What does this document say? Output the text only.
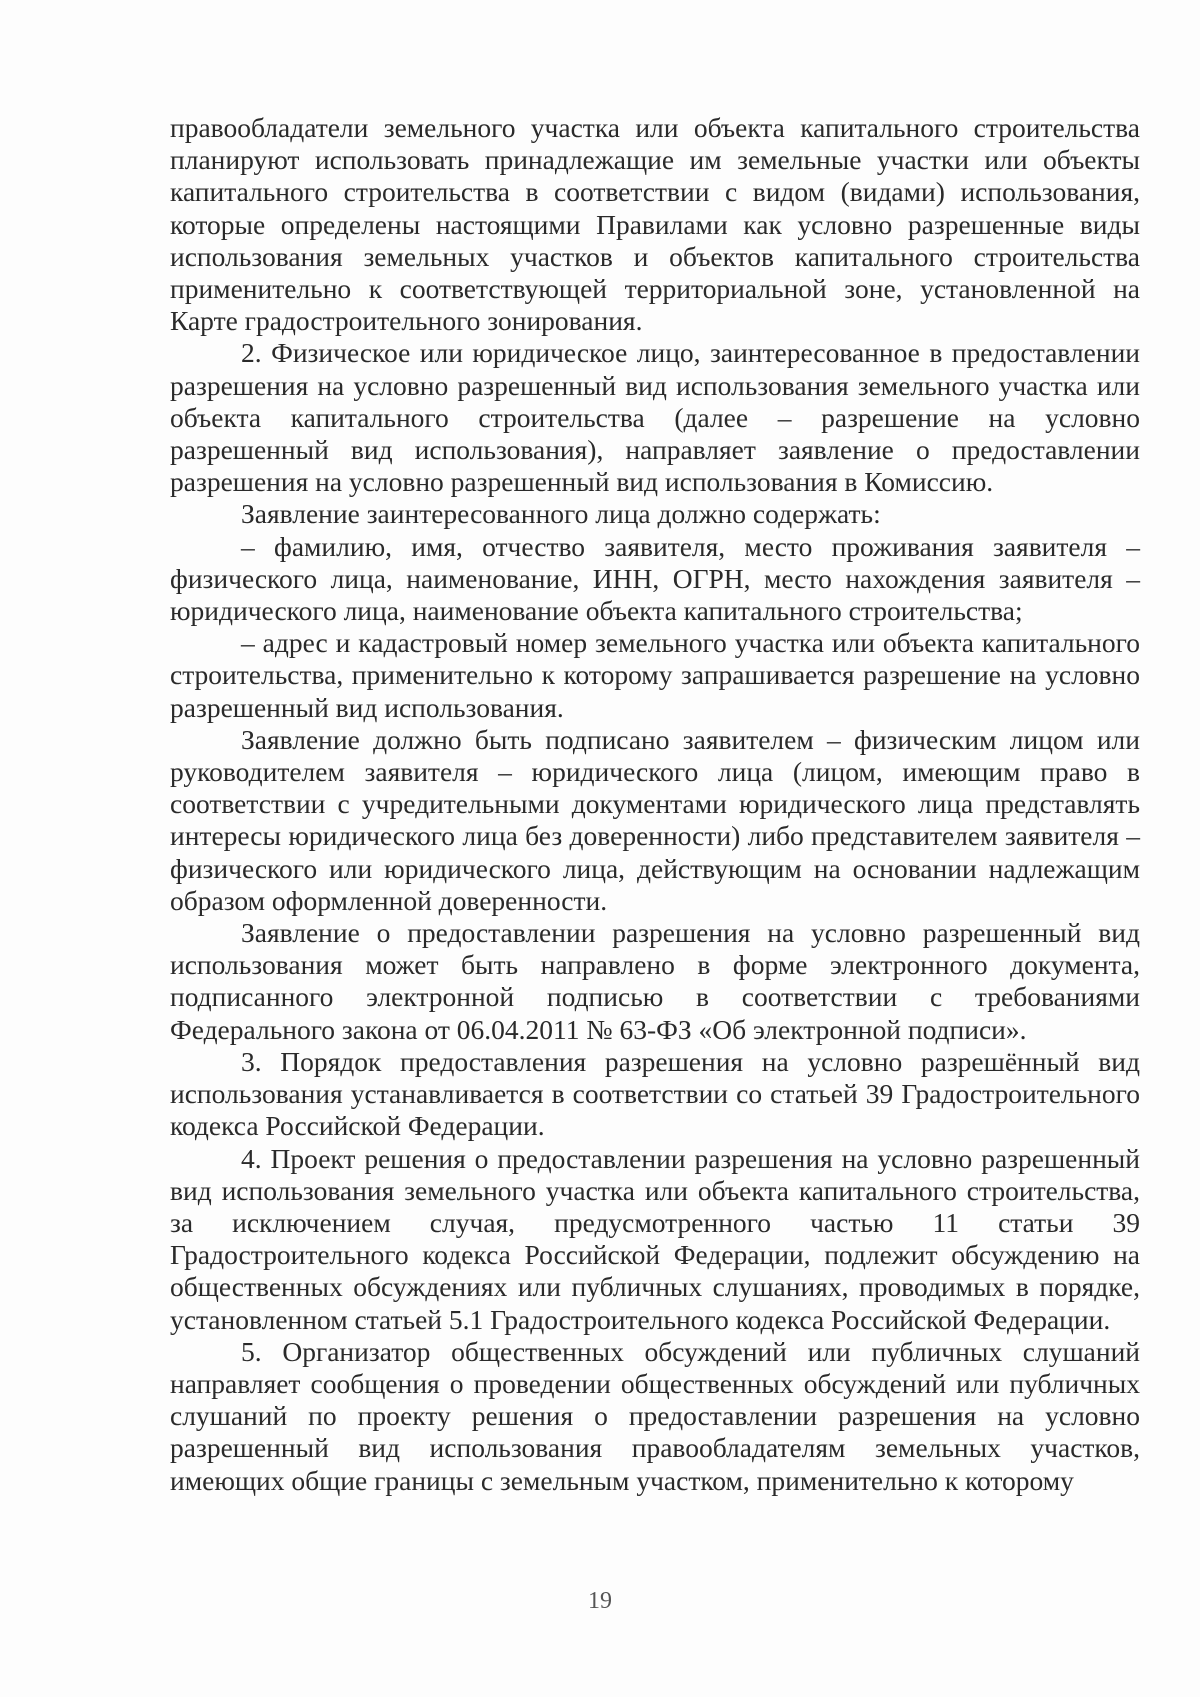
правообладатели земельного участка или объекта капитального строительства планируют использовать принадлежащие им земельные участки или объекты капитального строительства в соответствии с видом (видами) использования, которые определены настоящими Правилами как условно разрешенные виды использования земельных участков и объектов капитального строительства применительно к соответствующей территориальной зоне, установленной на Карте градостроительного зонирования.

2. Физическое или юридическое лицо, заинтересованное в предоставлении разрешения на условно разрешенный вид использования земельного участка или объекта капитального строительства (далее – разрешение на условно разрешенный вид использования), направляет заявление о предоставлении разрешения на условно разрешенный вид использования в Комиссию.

Заявление заинтересованного лица должно содержать:

– фамилию, имя, отчество заявителя, место проживания заявителя – физического лица, наименование, ИНН, ОГРН, место нахождения заявителя – юридического лица, наименование объекта капитального строительства;

– адрес и кадастровый номер земельного участка или объекта капитального строительства, применительно к которому запрашивается разрешение на условно разрешенный вид использования.

Заявление должно быть подписано заявителем – физическим лицом или руководителем заявителя – юридического лица (лицом, имеющим право в соответствии с учредительными документами юридического лица представлять интересы юридического лица без доверенности) либо представителем заявителя – физического или юридического лица, действующим на основании надлежащим образом оформленной доверенности.

Заявление о предоставлении разрешения на условно разрешенный вид использования может быть направлено в форме электронного документа, подписанного электронной подписью в соответствии с требованиями Федерального закона от 06.04.2011 № 63-ФЗ «Об электронной подписи».

3. Порядок предоставления разрешения на условно разрешённый вид использования устанавливается в соответствии со статьей 39 Градостроительного кодекса Российской Федерации.

4. Проект решения о предоставлении разрешения на условно разрешенный вид использования земельного участка или объекта капитального строительства, за исключением случая, предусмотренного частью 11 статьи 39 Градостроительного кодекса Российской Федерации, подлежит обсуждению на общественных обсуждениях или публичных слушаниях, проводимых в порядке, установленном статьей 5.1 Градостроительного кодекса Российской Федерации.

5. Организатор общественных обсуждений или публичных слушаний направляет сообщения о проведении общественных обсуждений или публичных слушаний по проекту решения о предоставлении разрешения на условно разрешенный вид использования правообладателям земельных участков, имеющих общие границы с земельным участком, применительно к которому

19
